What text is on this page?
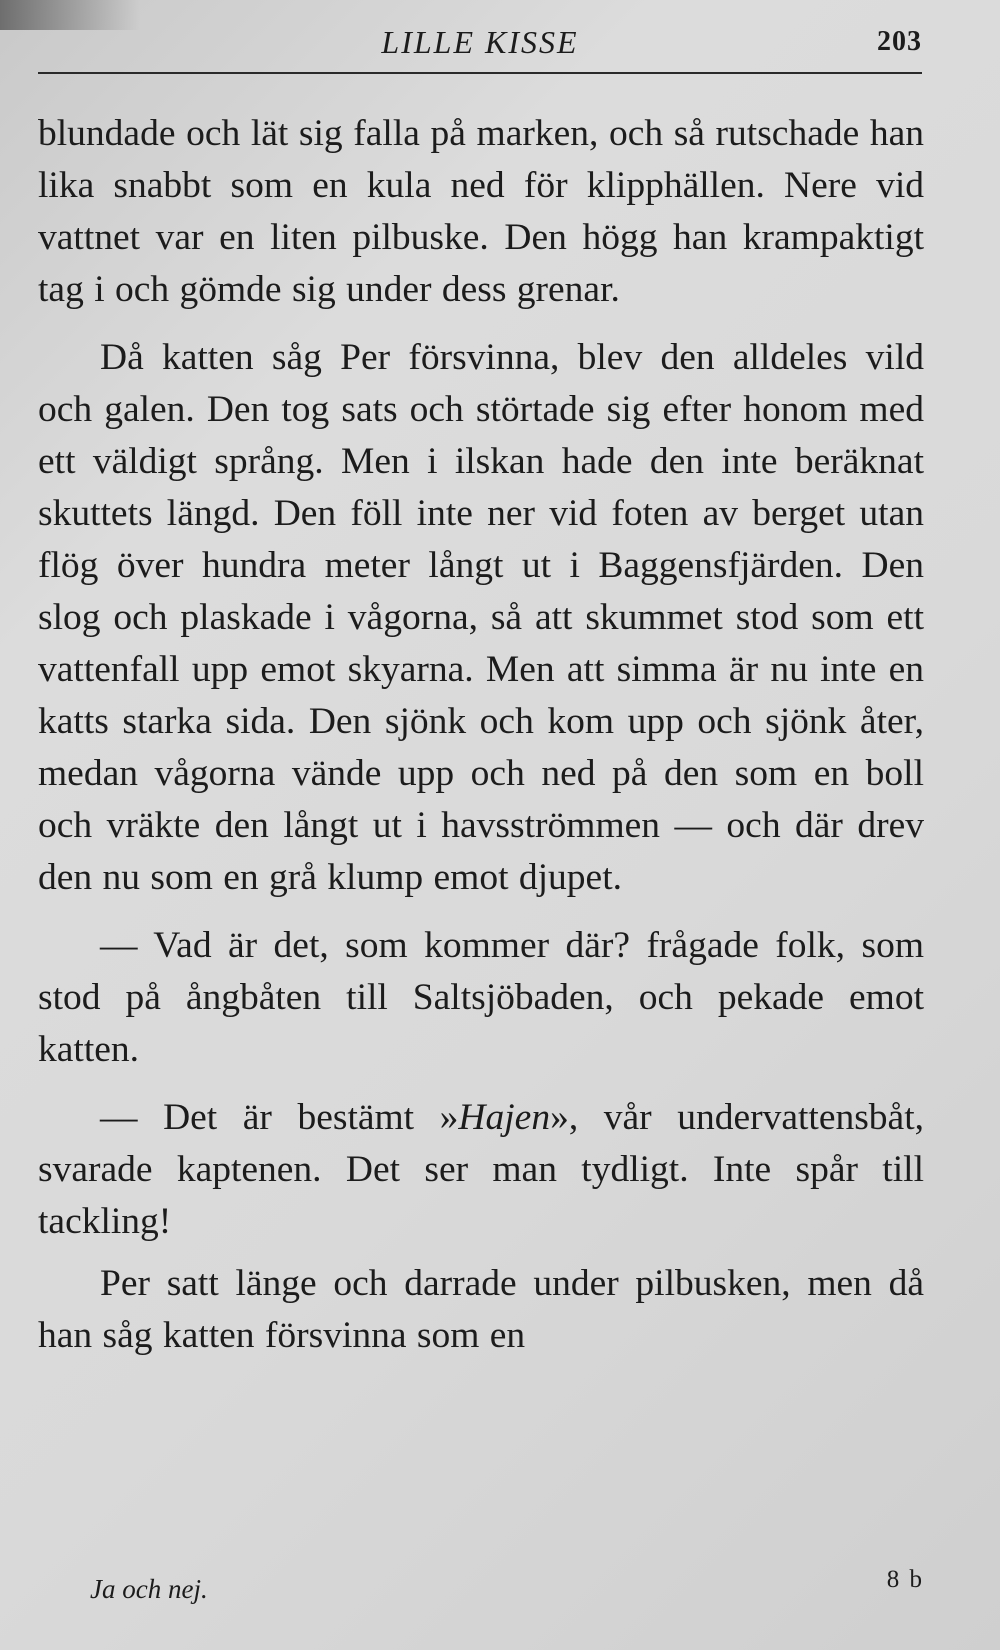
LILLE KISSE	203

blundade och lät sig falla på marken, och så rutschade han lika snabbt som en kula ned för klipphällen. Nere vid vattnet var en liten pilbuske. Den högg han krampaktigt tag i och gömde sig under dess grenar.

Då katten såg Per försvinna, blev den alldeles vild och galen. Den tog sats och störtade sig efter honom med ett väldigt språng. Men i ilskan hade den inte beräknat skuttets längd. Den föll inte ner vid foten av berget utan flög över hundra meter långt ut i Baggensfjärden. Den slog och plaskade i vågorna, så att skummet stod som ett vattenfall upp emot skyarna. Men att simma är nu inte en katts starka sida. Den sjönk och kom upp och sjönk åter, medan vågorna vände upp och ned på den som en boll och vräkte den långt ut i havsströmmen — och där drev den nu som en grå klump emot djupet.

— Vad är det, som kommer där? frågade folk, som stod på ångbåten till Saltsjöbaden, och pekade emot katten.

— Det är bestämt »Hajen», vår undervattensbåt, svarade kaptenen. Det ser man tydligt. Inte spår till tackling!

Per satt länge och darrade under pilbusken, men då han såg katten försvinna som en

Ja och nej.	8 b
